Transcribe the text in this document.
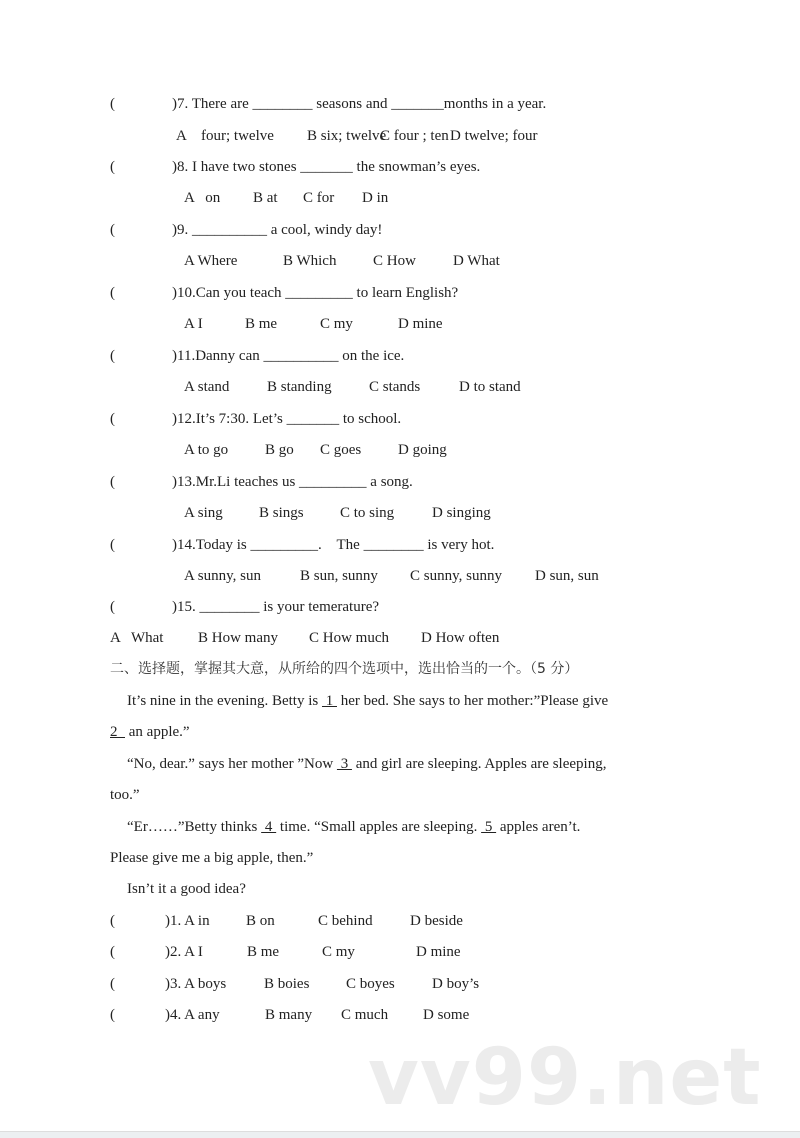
(	)7. There are ________ seasons and _______months in a year.
A    four; twelve B six; twelve
C four ; ten D twelve; four
(	)8. I have two stones _______ the snowman’s eyes.
A   on B at C for D in
(	)9. __________ a cool, windy day!
A Where	B Which C How D What
(	)10.Can you teach _________ to learn English?
A I	B me	C my	D mine
(	)11.Danny can __________ on the ice.
A stand	B standing C stands	D to stand
(	)12.It’s 7:30. Let’s _______ to school.
A to go B go C goes D going
(	)13.Mr.Li teaches us _________ a song.
A sing B sings C to sing	D singing
(	)14.Today is _________.    The ________ is very hot.
A sunny, sun	B sun, sunny C sunny, sunny D sun, sun
(	)15. ________ is your temerature?
A   What B How many C How much D How often
二、选择题，掌握其大意，从所给的四个选项中，选出恰当的一个。（5 分）
It’s nine in the evening. Betty is  1  her bed. She says to her mother:”Please give
2   an apple.”
“No, dear.” says her mother ”Now  3  and girl are sleeping. Apples are sleeping,
too.”
“Er……”Betty thinks  4  time. “Small apples are sleeping.  5  apples aren’t.
Please give me a big apple, then.”
Isn’t it a good idea?
(	)1. A in B on	C behind D beside
(	)2. A I	B me	C my	D mine
(	)3. A boys	B boies C boyes D boy’s
(	)4. A any	B many C much D some
vv99.net
